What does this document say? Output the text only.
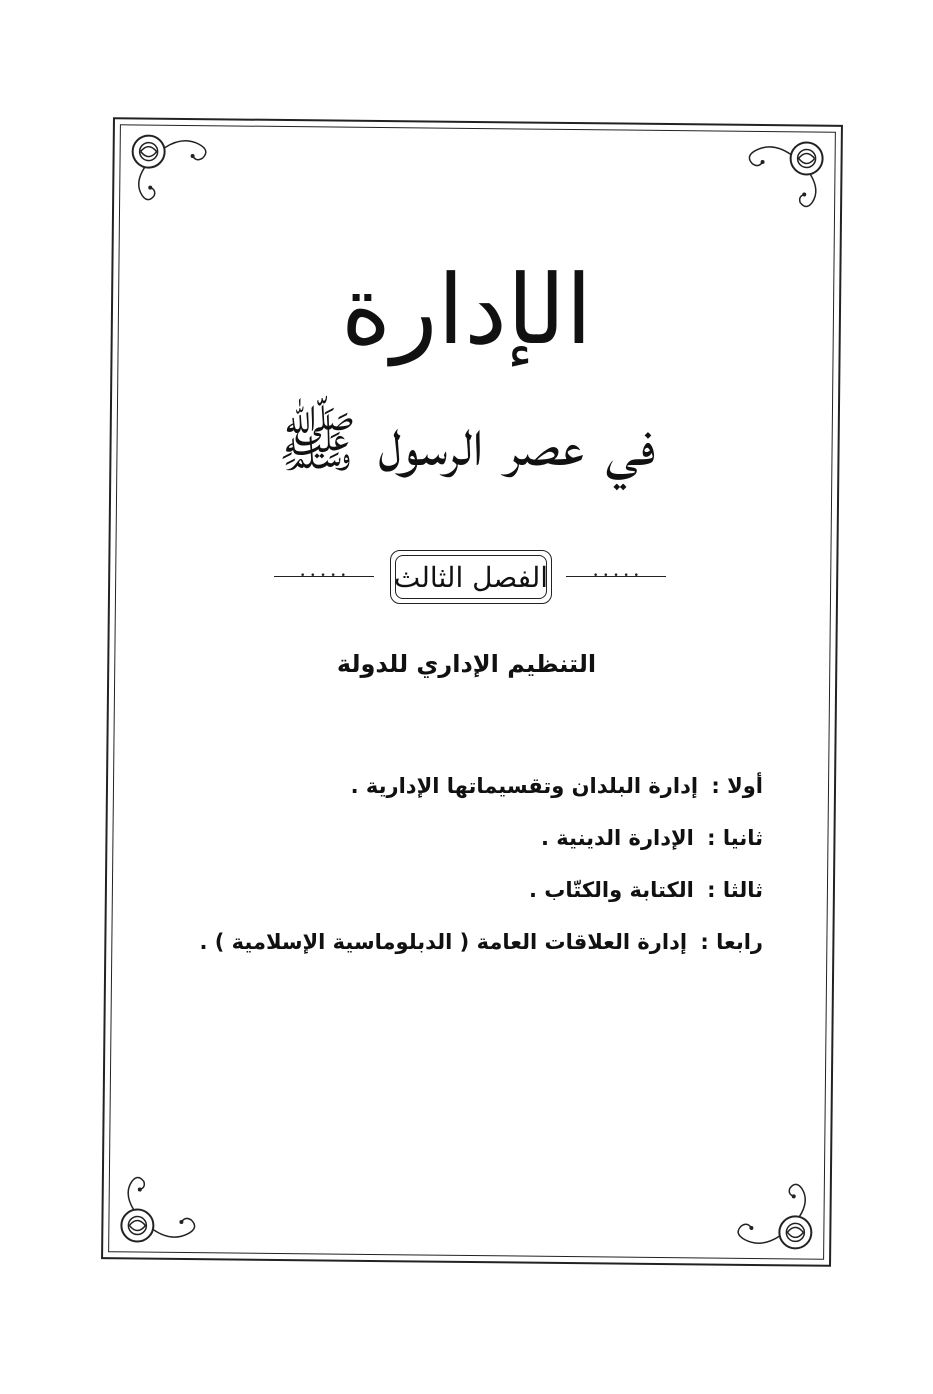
الإدارة
في عصر الرسول ﷺ
• • • • • الفصل الثالث	• • • • •
التنظيم الإداري للدولة
أولا : إدارة البلدان وتقسيماتها الإدارية .
ثانيا : الإدارة الدينية .
ثالثا : الكتابة والكتّاب .
رابعا : إدارة العلاقات العامة ( الدبلوماسية الإسلامية ) .
